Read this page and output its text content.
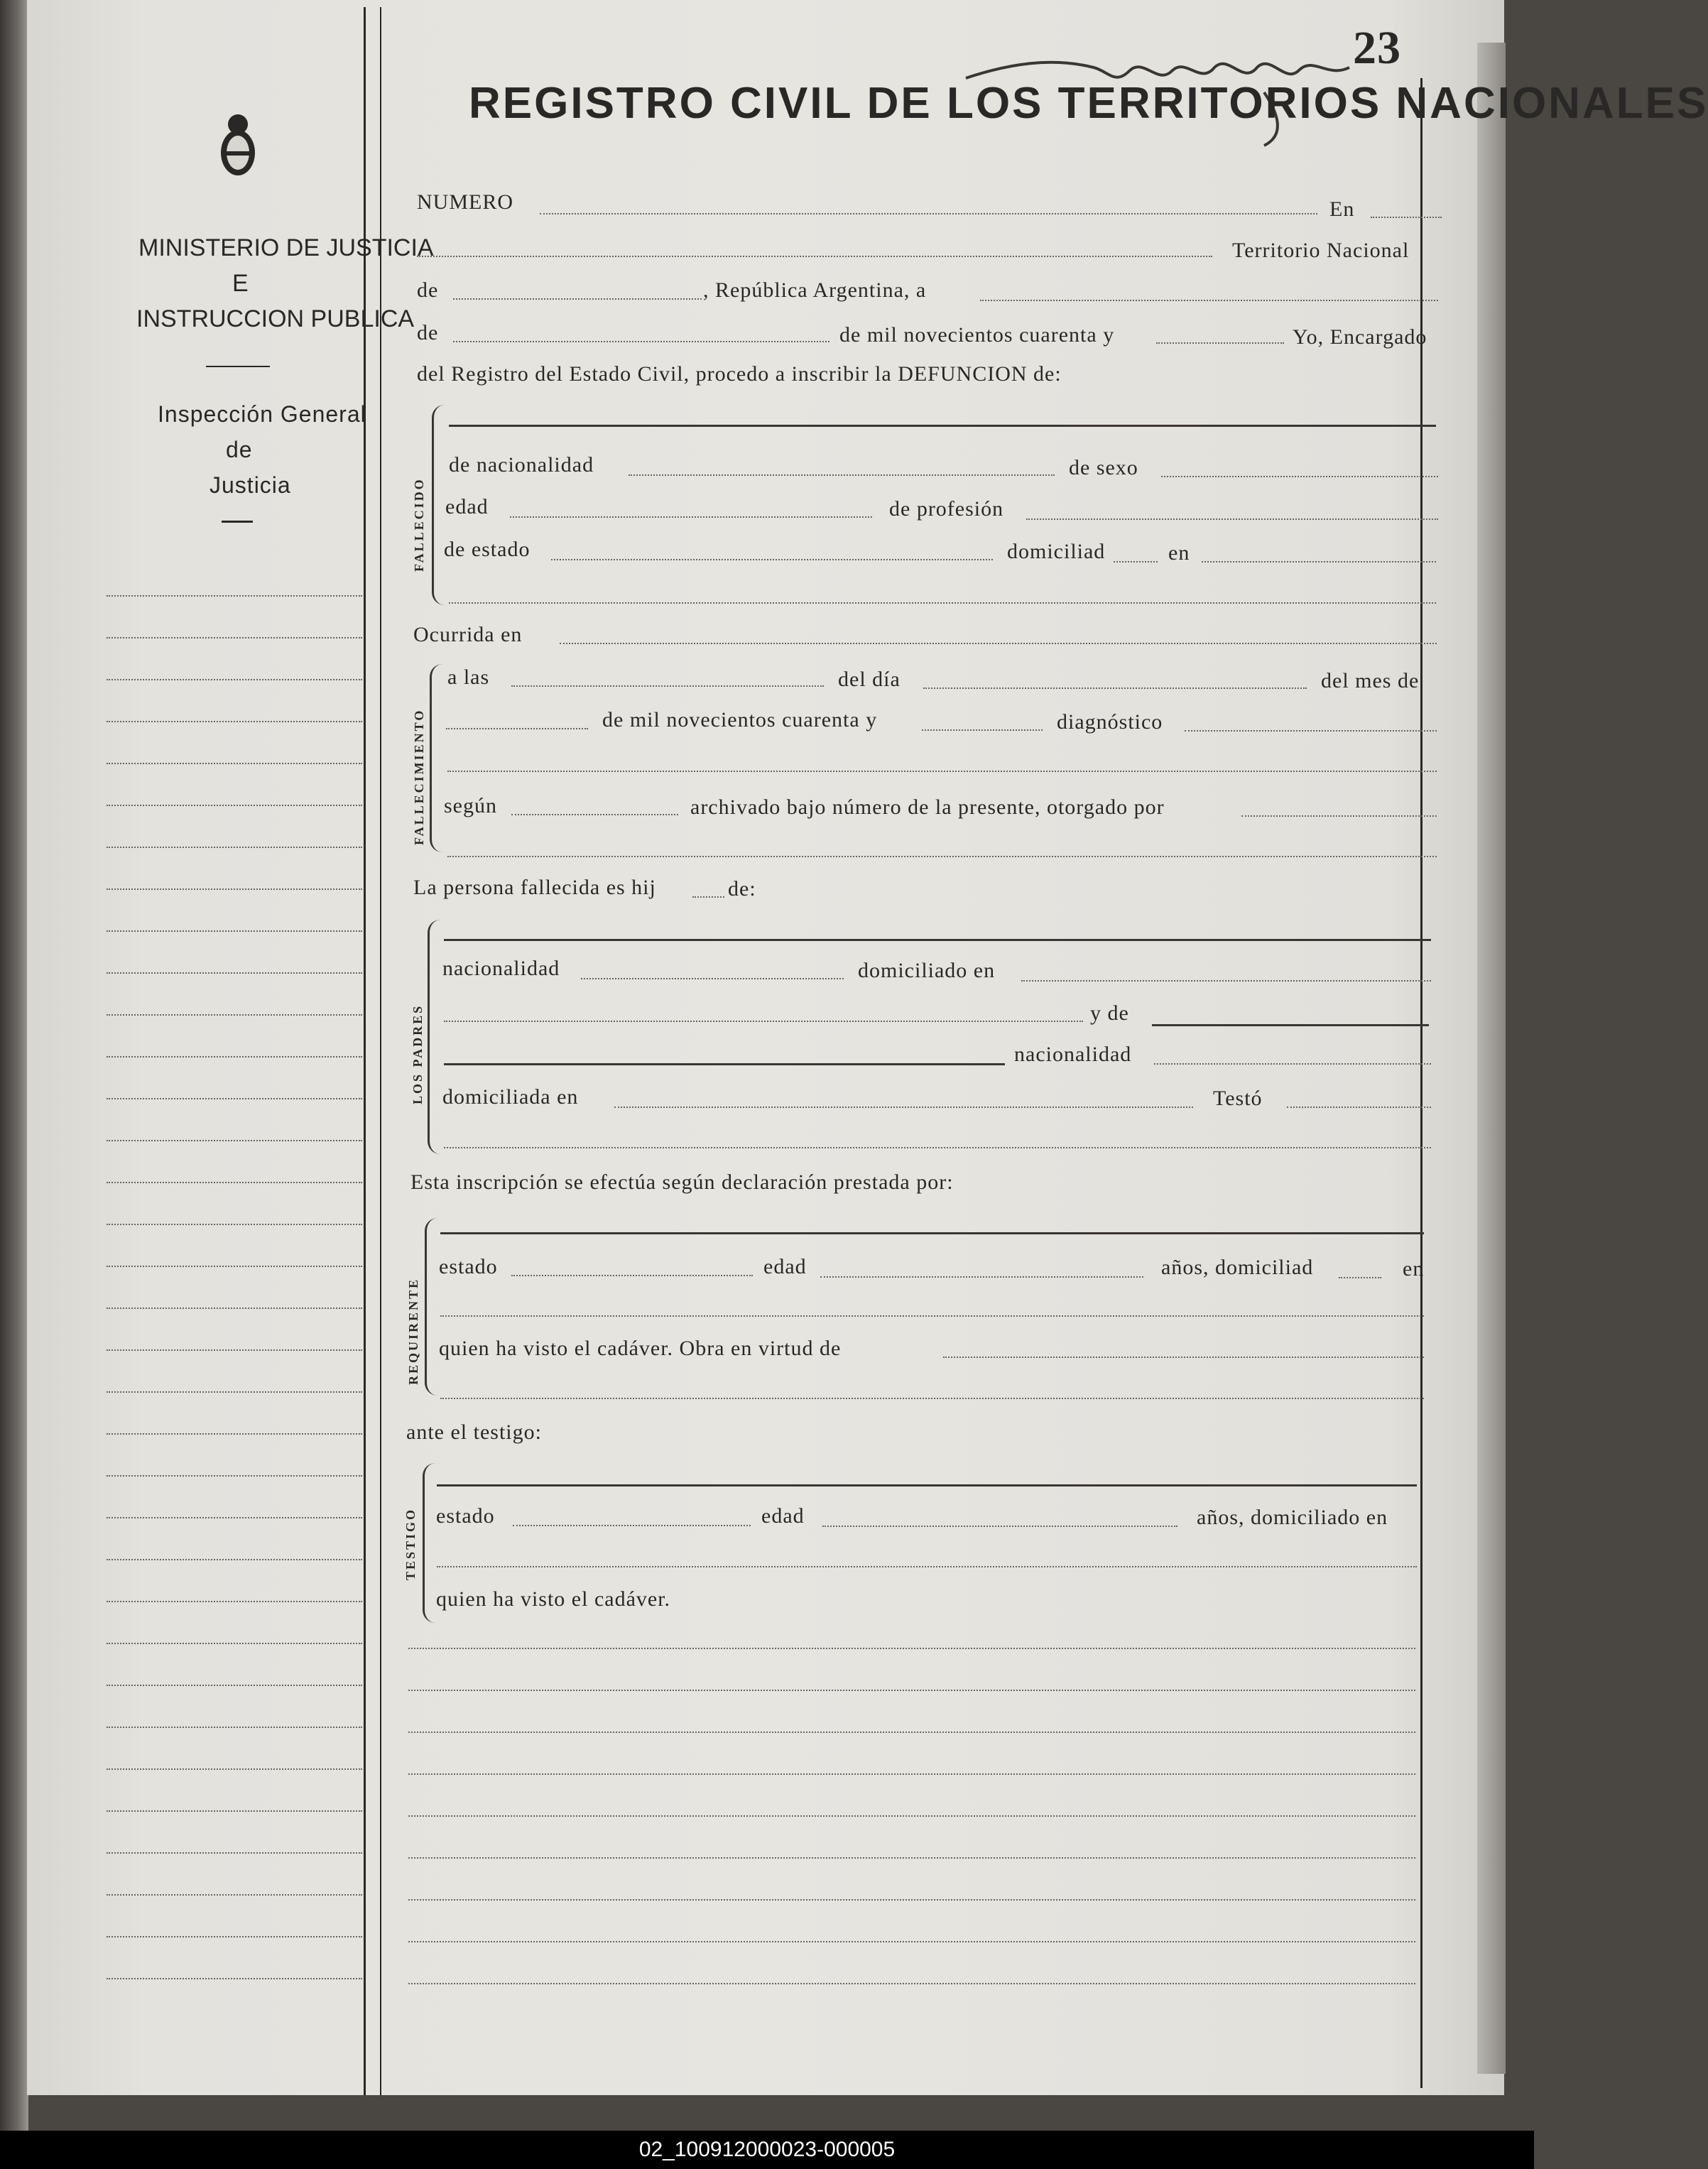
23
REGISTRO CIVIL DE LOS TERRITORIOS NACIONALES
MINISTERIO DE JUSTICIA
E
INSTRUCCION PUBLICA
Inspección General
de
Justicia
NUMERO	En
Territorio Nacional
de	, República Argentina, a
de	de mil novecientos cuarenta y	Yo, Encargado
del Registro del Estado Civil, procedo a inscribir la DEFUNCION de:
FALLECIDO
de nacionalidad	de sexo
edad	de profesión
de estado	domiciliad	en
Ocurrida en
FALLECIMIENTO
a las	del día	del mes de
de mil novecientos cuarenta y	diagnóstico
según	archivado bajo número de la presente, otorgado por
La persona fallecida es hij	de:
LOS PADRES
nacionalidad	domiciliado en
y de
nacionalidad
domiciliada en	Testó
Esta inscripción se efectúa según declaración prestada por:
REQUIRENTE
estado	edad	años, domiciliad	en
quien ha visto el cadáver. Obra en virtud de
ante el testigo:
TESTIGO estado	edad	años, domiciliado en
quien ha visto el cadáver.
02_100912000023-000005
